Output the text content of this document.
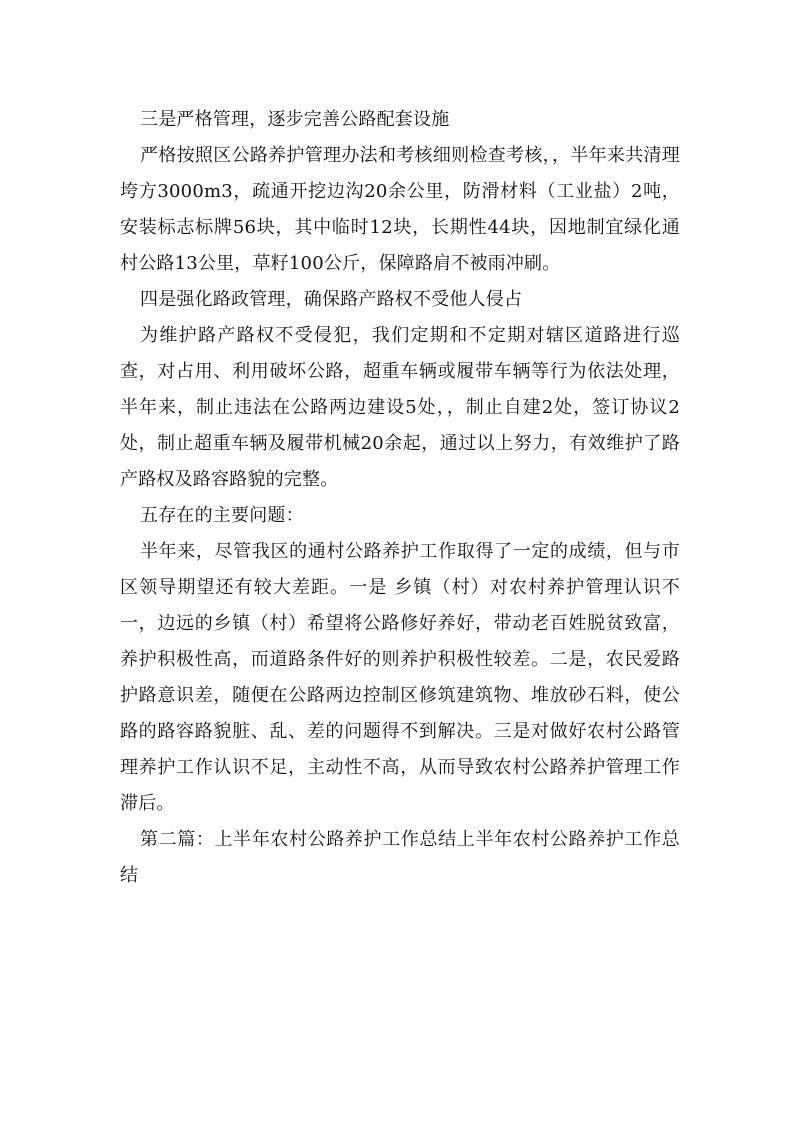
三是严格管理，逐步完善公路配套设施

严格按照区公路养护管理办法和考核细则检查考核，，半年来共清理垮方3000m3，疏通开挖边沟20余公里，防滑材料（工业盐）2吨，安装标志标牌56块，其中临时12块，长期性44块，因地制宜绿化通村公路13公里，草籽100公斤，保障路肩不被雨冲刷。

四是强化路政管理，确保路产路权不受他人侵占

为维护路产路权不受侵犯，我们定期和不定期对辖区道路进行巡查，对占用、利用破坏公路，超重车辆或履带车辆等行为依法处理，半年来，制止违法在公路两边建设5处，，制止自建2处，签订协议2处，制止超重车辆及履带机械20余起，通过以上努力，有效维护了路产路权及路容路貌的完整。

五存在的主要问题：

半年来，尽管我区的通村公路养护工作取得了一定的成绩，但与市区领导期望还有较大差距。一是 乡镇（村）对农村养护管理认识不一，边远的乡镇（村）希望将公路修好养好，带动老百姓脱贫致富，养护积极性高，而道路条件好的则养护积极性较差。二是，农民爱路护路意识差，随便在公路两边控制区修筑建筑物、堆放砂石料，使公路的路容路貌脏、乱、差的问题得不到解决。三是对做好农村公路管理养护工作认识不足，主动性不高，从而导致农村公路养护管理工作滞后。

第二篇：上半年农村公路养护工作总结上半年农村公路养护工作总结
